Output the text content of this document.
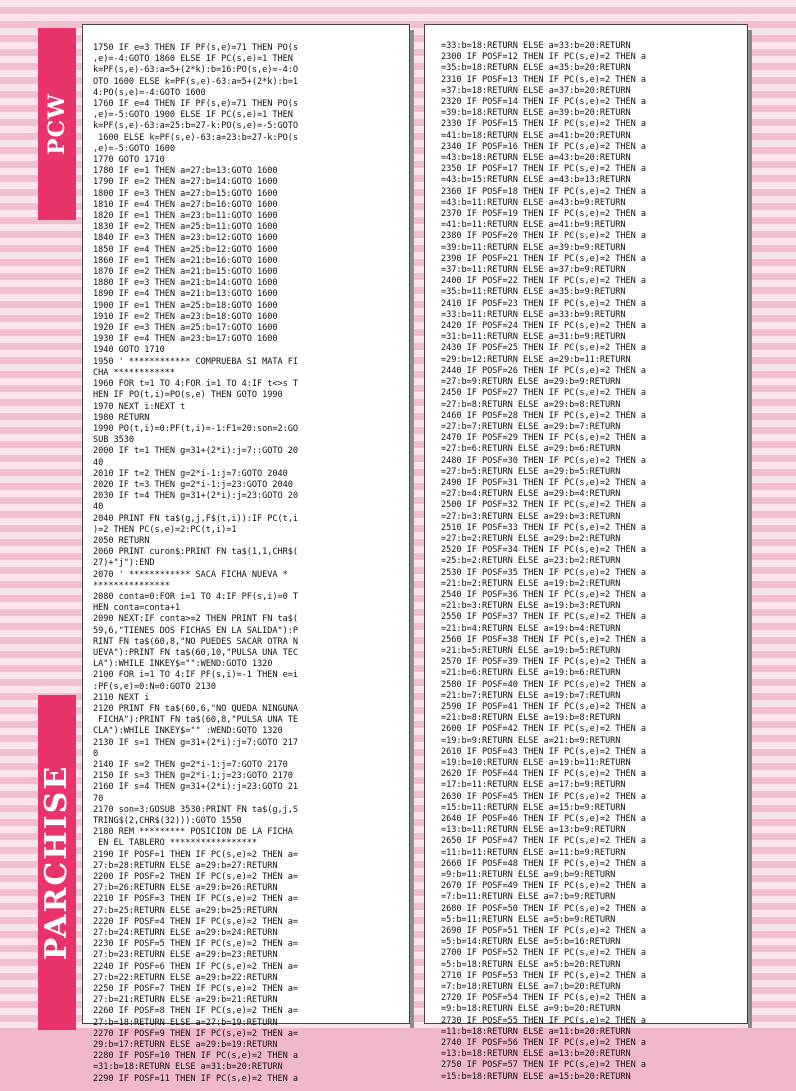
PCW
PARCHISE
1750 IF e=3 THEN IF PF(s,e)=71 THEN PO(s
,e)=-4:GOTO 1860 ELSE IF PC(s,e)=1 THEN
k=PF(s,e)-63:a=5+(2*k):b=16:PO(s,e)=-4:O
OTO 1600 ELSE k=PF(s,e)-63:a=5+(2*k):b=1
4:PO(s,e)=-4:GOTO 1600
1760 IF e=4 THEN IF PF(s,e)=71 THEN PO(s
,e)=-5:GOTO 1900 ELSE IF PC(s,e)=1 THEN
k=PF(s,e)-63:a=25:b=27-k:PO(s,e)=-5:GOTO
1600 ELSE k=PF(s,e)-63:a=23:b=27-k:PO(s
,e)=-5:GOTO 1600
1770 GOTO 1710
1780 IF e=1 THEN a=27:b=13:GOTO 1600
1790 IF e=2 THEN a=27:b=14:GOTO 1600
1800 IF e=3 THEN a=27:b=15:GOTO 1600
1810 IF e=4 THEN a=27:b=16:GOTO 1600
1820 IF e=1 THEN a=23:b=11:GOTO 1600
1830 IF e=2 THEN a=25:b=11:GOTO 1600
1840 IF e=3 THEN a=23:b=12:GOTO 1600
1850 IF e=4 THEN a=25:b=12:GOTO 1600
1860 IF e=1 THEN a=21:b=16:GOTO 1600
1870 IF e=2 THEN a=21:b=15:GOTO 1600
1880 IF e=3 THEN a=21:b=14:GOTO 1600
1890 IF e=4 THEN a=21:b=13:GOTO 1600
1900 IF e=1 THEN a=25:b=18:GOTO 1600
1910 IF e=2 THEN a=23:b=18:GOTO 1600
1920 IF e=3 THEN a=25:b=17:GOTO 1600
1930 IF e=4 THEN a=23:b=17:GOTO 1600
1940 GOTO 1710
1950 ' ************ COMPRUEBA SI MATA FI
CHA ************
1960 FOR t=1 TO 4:FOR i=1 TO 4:IF t<>s T
HEN IF PO(t,i)=PO(s,e) THEN GOTO 1990
1970 NEXT i:NEXT t
1980 RETURN
1990 PO(t,i)=0:PF(t,i)=-1:F1=20:son=2:GO
SUB 3530
2000 IF t=1 THEN g=31+(2*i):j=7::GOTO 20
40
2010 IF t=2 THEN g=2*i-1:j=7:GOTO 2040
2020 IF t=3 THEN g=2*i-1:j=23:GOTO 2040
2030 IF t=4 THEN g=31+(2*i):j=23:GOTO 20
40
2040 PRINT FN ta$(g,j,F$(t,i)):IF PC(t,i
)=2 THEN PC(s,e)=2:PC(t,i)=1
2050 RETURN
2060 PRINT curon$:PRINT FN ta$(1,1,CHR$(
27)+"j"):END
2070 ' ************ SACA FICHA NUEVA *
***************
2080 conta=0:FOR i=1 TO 4:IF PF(s,i)=0 T
HEN conta=conta+1
2090 NEXT:IF conta>=2 THEN PRINT FN ta$(
59,6,"TIENES DOS FICHAS EN LA SALIDA"):P
RINT FN ta$(60,8,"NO PUEDES SACAR OTRA N
UEVA"):PRINT FN ta$(60,10,"PULSA UNA TEC
LA"):WHILE INKEY$="":WEND:GOTO 1320
2100 FOR i=1 TO 4:IF PF(s,i)=-1 THEN e=i
:PF(s,e)=0:N=0:GOTO 2130
2110 NEXT i
2120 PRINT FN ta$(60,6,"NO QUEDA NINGUNA
FICHA"):PRINT FN ta$(60,8,"PULSA UNA TE
CLA"):WHILE INKEY$="" :WEND:GOTO 1320
2130 IF s=1 THEN g=31+(2*i):j=7:GOTO 217
0
2140 IF s=2 THEN g=2*i-1:j=7:GOTO 2170
2150 IF s=3 THEN g=2*i-1:j=23:GOTO 2170
2160 IF s=4 THEN g=31+(2*i):j=23:GOTO 21
70
2170 son=3:GOSUB 3530:PRINT FN ta$(g,j,S
TRING$(2,CHR$(32))):GOTO 1550
2180 REM ********* POSICION DE LA FICHA
EN EL TABLERO *****************
2190 IF POSF=1 THEN IF PC(s,e)=2 THEN a=
27:b=28:RETURN ELSE a=29:b=27:RETURN
2200 IF POSF=2 THEN IF PC(s,e)=2 THEN a=
27:b=26:RETURN ELSE a=29:b=26:RETURN
2210 IF POSF=3 THEN IF PC(s,e)=2 THEN a=
27:b=25:RETURN ELSE a=29:b=25:RETURN
2220 IF POSF=4 THEN IF PC(s,e)=2 THEN a=
27:b=24:RETURN ELSE a=29:b=24:RETURN
2230 IF POSF=5 THEN IF PC(s,e)=2 THEN a=
27:b=23:RETURN ELSE a=29:b=23:RETURN
2240 IF POSF=6 THEN IF PC(s,e)=2 THEN a=
27:b=22:RETURN ELSE a=29:b=22:RETURN
2250 IF POSF=7 THEN IF PC(s,e)=2 THEN a=
27:b=21:RETURN ELSE a=29:b=21:RETURN
2260 IF POSF=8 THEN IF PC(s,e)=2 THEN a=
27:b=18:RETURN ELSE a=27:b=19:RETURN
2270 IF POSF=9 THEN IF PC(s,e)=2 THEN a=
29:b=17:RETURN ELSE a=29:b=19:RETURN
2280 IF POSF=10 THEN IF PC(s,e)=2 THEN a
=31:b=18:RETURN ELSE a=31:b=20:RETURN
2290 IF POSF=11 THEN IF PC(s,e)=2 THEN a

=33:b=18:RETURN ELSE a=33:b=20:RETURN
2300 IF POSF=12 THEN IF PC(s,e)=2 THEN a
=35:b=18:RETURN ELSE a=35:b=20:RETURN
2310 IF POSF=13 THEN IF PC(s,e)=2 THEN a
=37:b=18:RETURN ELSE a=37:b=20:RETURN
2320 IF POSF=14 THEN IF PC(s,e)=2 THEN a
=39:b=18:RETURN ELSE a=39:b=20:RETURN
2330 IF POSF=15 THEN IF PC(s,e)=2 THEN a
=41:b=18:RETURN ELSE a=41:b=20:RETURN
2340 IF POSF=16 THEN IF PC(s,e)=2 THEN a
=43:b=18:RETURN ELSE a=43:b=20:RETURN
2350 IF POSF=17 THEN IF PC(s,e)=2 THEN a
=43:b=15:RETURN ELSE a=43:b=13:RETURN
2360 IF POSF=18 THEN IF PC(s,e)=2 THEN a
=43:b=11:RETURN ELSE a=43:b=9:RETURN
2370 IF POSF=19 THEN IF PC(s,e)=2 THEN a
=41:b=11:RETURN ELSE a=41:b=9:RETURN
2380 IF POSF=20 THEN IF PC(s,e)=2 THEN a
=39:b=11:RETURN ELSE a=39:b=9:RETURN
2390 IF POSF=21 THEN IF PC(s,e)=2 THEN a
=37:b=11:RETURN ELSE a=37:b=9:RETURN
2400 IF POSF=22 THEN IF PC(s,e)=2 THEN a
=35:b=11:RETURN ELSE a=35:b=9:RETURN
2410 IF POSF=23 THEN IF PC(s,e)=2 THEN a
=33:b=11:RETURN ELSE a=33:b=9:RETURN
2420 IF POSF=24 THEN IF PC(s,e)=2 THEN a
=31:b=11:RETURN ELSE a=31:b=9:RETURN
2430 IF POSF=25 THEN IF PC(s,e)=2 THEN a
=29:b=12:RETURN ELSE a=29:b=11:RETURN
2440 IF POSF=26 THEN IF PC(s,e)=2 THEN a
=27:b=9:RETURN ELSE a=29:b=9:RETURN
2450 IF POSF=27 THEN IF PC(s,e)=2 THEN a
=27:b=8:RETURN ELSE a=29:b=8:RETURN
2460 IF POSF=28 THEN IF PC(s,e)=2 THEN a
=27:b=7:RETURN ELSE a=29:b=7:RETURN
2470 IF POSF=29 THEN IF PC(s,e)=2 THEN a
=27:b=6:RETURN ELSE a=29:b=6:RETURN
2480 IF POSF=30 THEN IF PC(s,e)=2 THEN a
=27:b=5:RETURN ELSE a=29:b=5:RETURN
2490 IF POSF=31 THEN IF PC(s,e)=2 THEN a
=27:b=4:RETURN ELSE a=29:b=4:RETURN
2500 IF POSF=32 THEN IF PC(s,e)=2 THEN a
=27:b=3:RETURN ELSE a=29:b=3:RETURN
2510 IF POSF=33 THEN IF PC(s,e)=2 THEN a
=27:b=2:RETURN ELSE a=29:b=2:RETURN
2520 IF POSF=34 THEN IF PC(s,e)=2 THEN a
=25:b=2:RETURN ELSE a=23:b=2:RETURN
2530 IF POSF=35 THEN IF PC(s,e)=2 THEN a
=21:b=2:RETURN ELSE a=19:b=2:RETURN
2540 IF POSF=36 THEN IF PC(s,e)=2 THEN a
=21:b=3:RETURN ELSE a=19:b=3:RETURN
2550 IF POSF=37 THEN IF PC(s,e)=2 THEN a
=21:b=4:RETURN ELSE a=19:b=4:RETURN
2560 IF POSF=38 THEN IF PC(s,e)=2 THEN a
=21:b=5:RETURN ELSE a=19:b=5:RETURN
2570 IF POSF=39 THEN IF PC(s,e)=2 THEN a
=21:b=6:RETURN ELSE a=19:b=6:RETURN
2580 IF POSF=40 THEN IF PC(s,e)=2 THEN a
=21:b=7:RETURN ELSE a=19:b=7:RETURN
2590 IF POSF=41 THEN IF PC(s,e)=2 THEN a
=21:b=8:RETURN ELSE a=19:b=8:RETURN
2600 IF POSF=42 THEN IF PC(s,e)=2 THEN a
=19:b=9:RETURN ELSE a=21:b=9:RETURN
2610 IF POSF=43 THEN IF PC(s,e)=2 THEN a
=19:b=10:RETURN ELSE a=19:b=11:RETURN
2620 IF POSF=44 THEN IF PC(s,e)=2 THEN a
=17:b=11:RETURN ELSE a=17:b=9:RETURN
2630 IF POSF=45 THEN IF PC(s,e)=2 THEN a
=15:b=11:RETURN ELSE a=15:b=9:RETURN
2640 IF POSF=46 THEN IF PC(s,e)=2 THEN a
=13:b=11:RETURN ELSE a=13:b=9:RETURN
2650 IF POSF=47 THEN IF PC(s,e)=2 THEN a
=11:b=11:RETURN ELSE a=11:b=9:RETURN
2660 IF POSF=48 THEN IF PC(s,e)=2 THEN a
=9:b=11:RETURN ELSE a=9:b=9:RETURN
2670 IF POSF=49 THEN IF PC(s,e)=2 THEN a
=7:b=11:RETURN ELSE a=7:b=9:RETURN
2680 IF POSF=50 THEN IF PC(s,e)=2 THEN a
=5:b=11:RETURN ELSE a=5:b=9:RETURN
2690 IF POSF=51 THEN IF PC(s,e)=2 THEN a
=5:b=14:RETURN ELSE a=5:b=16:RETURN
2700 IF POSF=52 THEN IF PC(s,e)=2 THEN a
=5:b=18:RETURN ELSE a=5:b=20:RETURN
2710 IF POSF=53 THEN IF PC(s,e)=2 THEN a
=7:b=18:RETURN ELSE a=7:b=20:RETURN
2720 IF POSF=54 THEN IF PC(s,e)=2 THEN a
=9:b=18:RETURN ELSE a=9:b=20:RETURN
2730 IF POSF=55 THEN IF PC(s,e)=2 THEN a
=11:b=18:RETURN ELSE a=11:b=20:RETURN
2740 IF POSF=56 THEN IF PC(s,e)=2 THEN a
=13:b=18:RETURN ELSE a=13:b=20:RETURN
2750 IF POSF=57 THEN IF PC(s,e)=2 THEN a
=15:b=18:RETURN ELSE a=15:b=20:RETURN
